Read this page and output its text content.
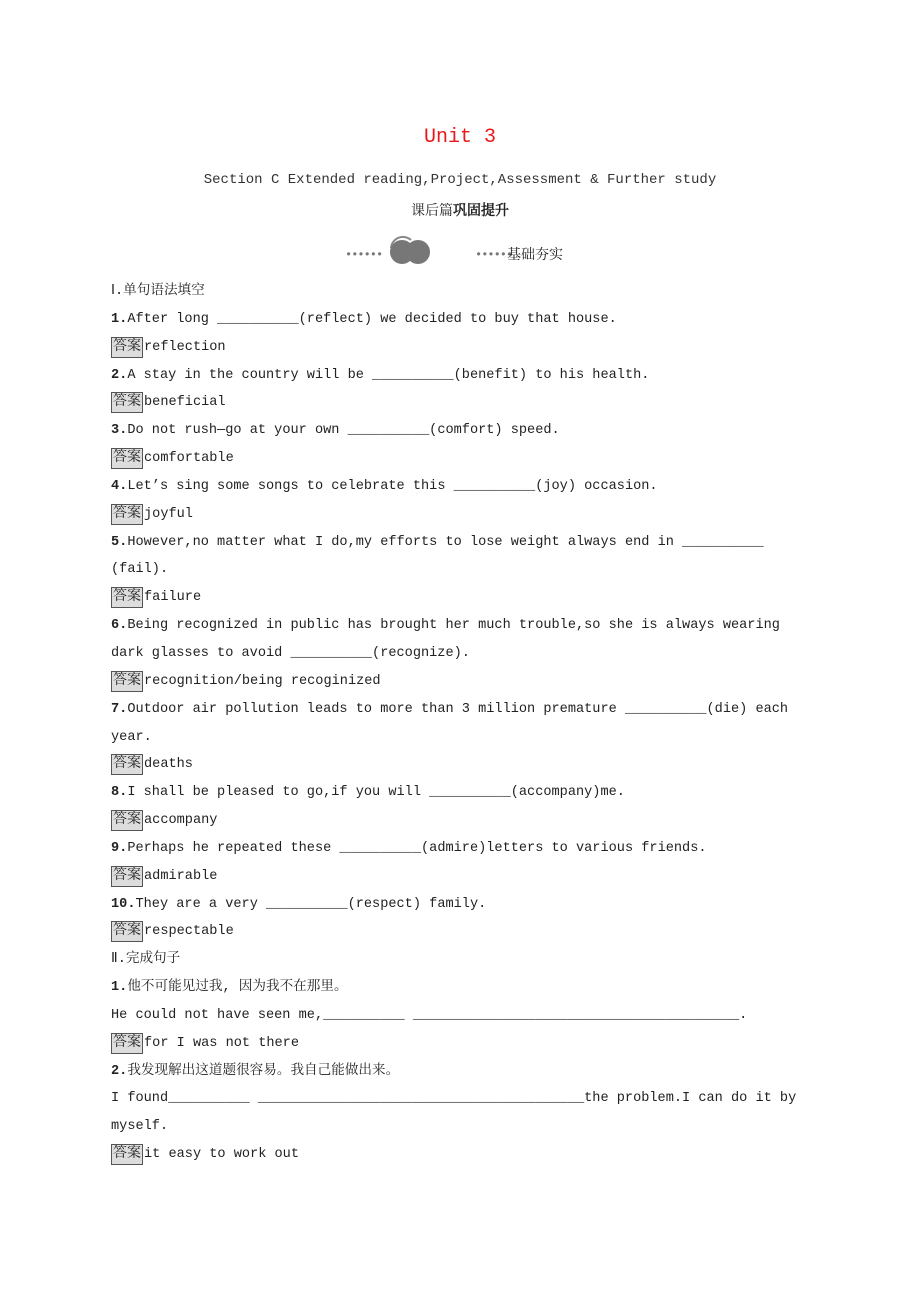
Unit 3
Section C Extended reading,Project,Assessment & Further study
课后篇巩固提升
••••••	••••••
基础夯实
Ⅰ.单句语法填空
1.After long __________(reflect) we decided to buy that house.
答案 reflection
2.A stay in the country will be __________(benefit) to his health.
答案 beneficial
3.Do not rush—go at your own __________(comfort) speed.
答案 comfortable
4.Let’s sing some songs to celebrate this __________(joy) occasion.
答案 joyful
5.However,no matter what I do,my efforts to lose weight always end in __________
(fail).
答案 failure
6.Being recognized in public has brought her much trouble,so she is always wearing
dark glasses to avoid __________(recognize).
答案 recognition/being recoginized
7.Outdoor air pollution leads to more than 3 million premature __________(die) each
year.
答案 deaths
8.I shall be pleased to go,if you will __________(accompany)me.
答案 accompany
9.Perhaps he repeated these __________(admire)letters to various friends.
答案 admirable
10.They are a very __________(respect) family.
答案 respectable
Ⅱ.完成句子
1.他不可能见过我, 因为我不在那里。
He could not have seen me,__________ ________________________________________.
答案 for I was not there
2.我发现解出这道题很容易。我自己能做出来。
I found__________ ________________________________________the problem.I can do it by
myself.
答案 it easy to work out
